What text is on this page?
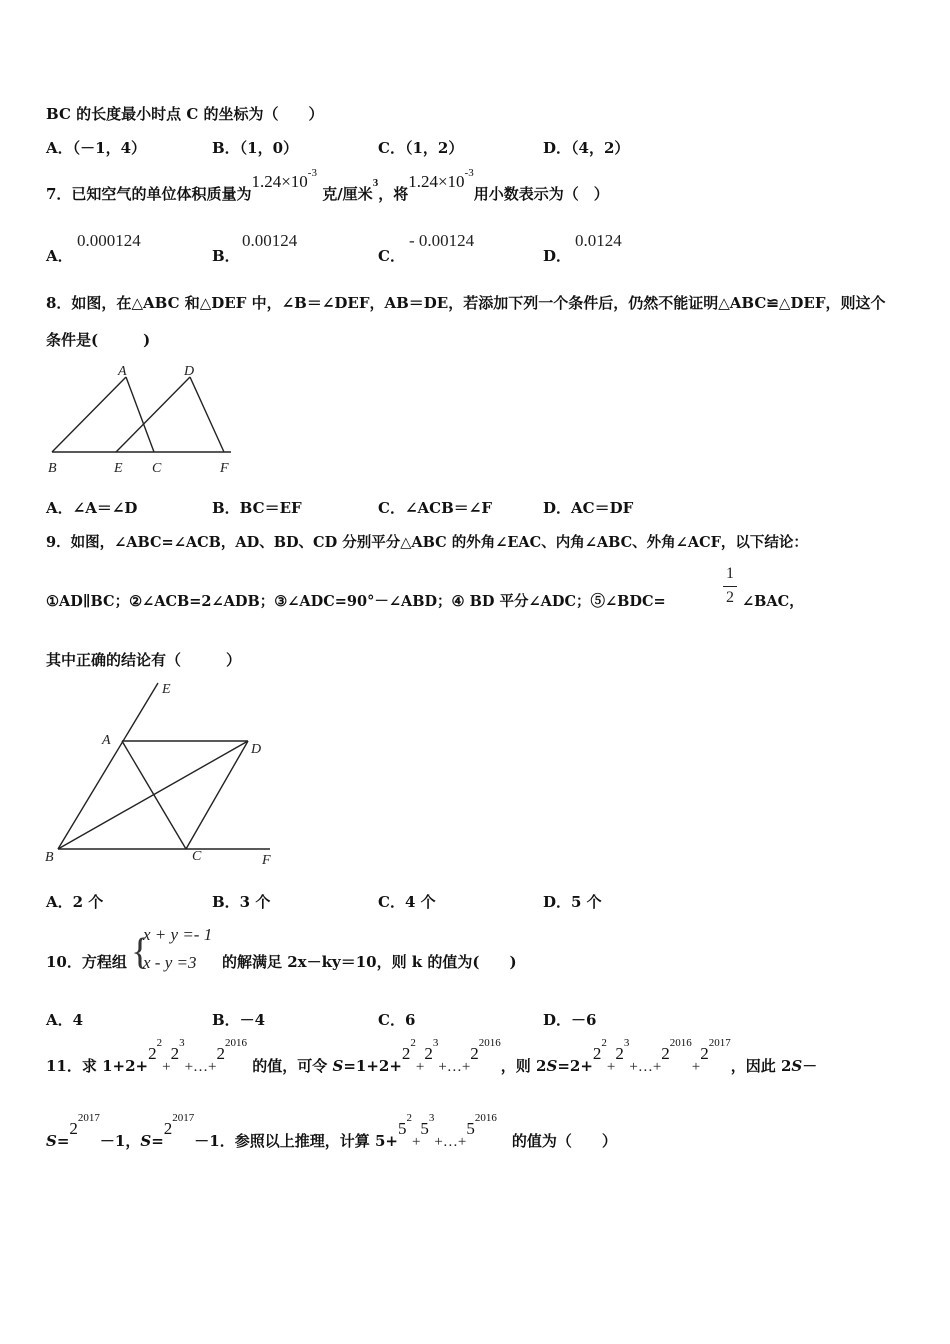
BC 的长度最小时点 C 的坐标为（　　）
A．（－1，4）	B．（1，0）	C．（1，2）	D．（4，2）
7．已知空气的单位体积质量为$1.24\times 10^{-3}$ 克/厘米$^3$，将$1.24\times 10^{-3}$用小数表示为（　）
A．
0.000124
B．
0.00124
C．
- 0.00124
D．
0.0124
8．如图，在△ABC 和△DEF 中，∠B＝∠DEF，AB＝DE，若添加下列一个条件后，仍然不能证明△ABC≌△DEF，则这个
条件是(　　　)
A	D
B	E C	F
A．∠A＝∠D	B．BC＝EF	C．∠ACB＝∠F	D．AC＝DF
9．如图，∠ABC=∠ACB，AD、BD、CD 分别平分△ABC 的外角∠EAC、内角∠ABC、外角∠ACF，以下结论：
①AD∥BC；②∠ACB=2∠ADB；③∠ADC=90°－∠ABD；④ BD 平分∠ADC；⑤∠BDC=
1
2 ∠BAC，
其中正确的结论有（　　　）
E
A
D
B	C	F
A．2 个	B．3 个	C．4 个	D．5 个
10．方程组 {
x + y =- 1
x - y =3 的解满足 2x－ky＝10，则 k 的值为(　　)
A．4	B．－4	C．6	D．－6
11．求 $1+2+2^2+2^3+\dots+2^{2016}$ 的值，可令 $S=1+2+2^2+2^3+\dots+2^{2016}$，则 $2S=2+2^2+2^3+\dots+2^{2016}+2^{2017}$，因此 2S－
$S=2^{2017}-1$，$S=2^{2017}-1$．参照以上推理，计算 $5+5^2+5^3+\dots+5^{2016}$　的值为（　　）
